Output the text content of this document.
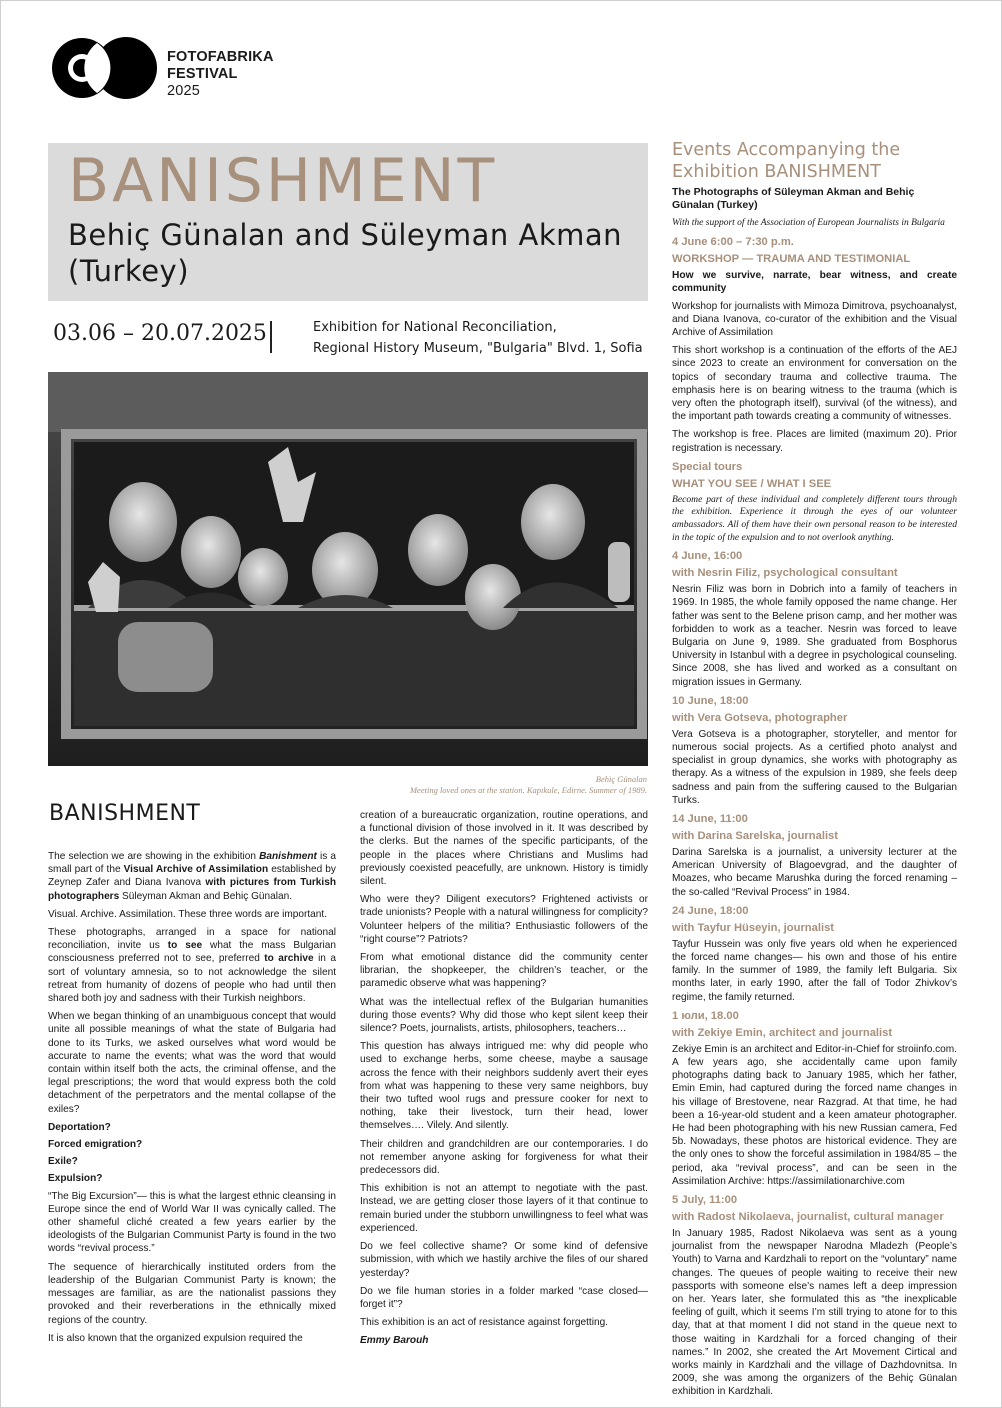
FOTOFABRIKA
FESTIVAL
2025
BANISHMENT
Behiç Günalan and Süleyman Akman (Turkey)
03.06 – 20.07.2025	Exhibition for National Reconciliation,
Regional History Museum, "Bulgaria" Blvd. 1, Sofia
Behiç Günalan
Meeting loved ones at the station. Kapıkule, Edirne. Summer of 1989.
BANISHMENT

The selection we are showing in the exhibition Banishment is a small part of the Visual Archive of Assimilation established by Zeynep Zafer and Diana Ivanova with pictures from Turkish photographers Süleyman Akman and Behiç Günalan.

Visual. Archive. Assimilation. These three words are important.

These photographs, arranged in a space for national reconciliation, invite us to see what the mass Bulgarian consciousness preferred not to see, preferred to archive in a sort of voluntary amnesia, so to not acknowledge the silent retreat from humanity of dozens of people who had until then shared both joy and sadness with their Turkish neighbors.

When we began thinking of an unambiguous concept that would unite all possible meanings of what the state of Bulgaria had done to its Turks, we asked ourselves what word would be accurate to name the events; what was the word that would contain within itself both the acts, the criminal offense, and the legal prescriptions; the word that would express both the cold detachment of the perpetrators and the mental collapse of the exiles?

Deportation?

Forced emigration?

Exile?

Expulsion?

“The Big Excursion”— this is what the largest ethnic cleansing in Europe since the end of World War II was cynically called. The other shameful cliché created a few years earlier by the ideologists of the Bulgarian Communist Party is found in the two words “revival process.”

The sequence of hierarchically instituted orders from the leadership of the Bulgarian Communist Party is known; the messages are familiar, as are the nationalist passions they provoked and their reverberations in the ethnically mixed regions of the country.

It is also known that the organized expulsion required the

creation of a bureaucratic organization, routine operations, and a functional division of those involved in it. It was described by the clerks. But the names of the specific participants, of the people in the places where Christians and Muslims had previously coexisted peacefully, are unknown. History is timidly silent.

Who were they? Diligent executors? Frightened activists or trade unionists? People with a natural willingness for complicity? Volunteer helpers of the militia? Enthusiastic followers of the “right course”? Patriots?

From what emotional distance did the community center librarian, the shopkeeper, the children’s teacher, or the paramedic observe what was happening?

What was the intellectual reflex of the Bulgarian humanities during those events? Why did those who kept silent keep their silence? Poets, journalists, artists, philosophers, teachers…

This question has always intrigued me: why did people who used to exchange herbs, some cheese, maybe a sausage across the fence with their neighbors suddenly avert their eyes from what was happening to these very same neighbors, buy their two tufted wool rugs and pressure cooker for next to nothing, take their livestock, turn their head, lower themselves…. Vilely. And silently.

Their children and grandchildren are our contemporaries. I do not remember anyone asking for forgiveness for what their predecessors did.

This exhibition is not an attempt to negotiate with the past. Instead, we are getting closer those layers of it that continue to remain buried under the stubborn unwillingness to feel what was experienced.

Do we feel collective shame? Or some kind of defensive submission, with which we hastily archive the files of our shared yesterday?

Do we file human stories in a folder marked “case closed—forget it”?

This exhibition is an act of resistance against forgetting.

Emmy Barouh

Events Accompanying the Exhibition BANISHMENT

The Photographs of Süleyman Akman and Behiç Günalan (Turkey)

With the support of the Association of European Journalists in Bulgaria

4 June 6:00 – 7:30 p.m.
WORKSHOP — TRAUMA AND TESTIMONIAL

How we survive, narrate, bear witness, and create community

Workshop for journalists with Mimoza Dimitrova, psychoanalyst, and Diana Ivanova, co-curator of the exhibition and the Visual Archive of Assimilation

This short workshop is a continuation of the efforts of the AEJ since 2023 to create an environment for conversation on the topics of secondary trauma and collective trauma. The emphasis here is on bearing witness to the trauma (which is very often the photograph itself), survival (of the witness), and the important path towards creating a community of witnesses.

The workshop is free. Places are limited (maximum 20). Prior registration is necessary.

Special tours
WHAT YOU SEE / WHAT I SEE

Become part of these individual and completely different tours through the exhibition. Experience it through the eyes of our volunteer ambassadors. All of them have their own personal reason to be interested in the topic of the expulsion and to not overlook anything.

4 June, 16:00
with Nesrin Filiz, psychological consultant

Nesrin Filiz was born in Dobrich into a family of teachers in 1969. In 1985, the whole family opposed the name change. Her father was sent to the Belene prison camp, and her mother was forbidden to work as a teacher. Nesrin was forced to leave Bulgaria on June 9, 1989. She graduated from Bosphorus University in Istanbul with a degree in psychological counseling. Since 2008, she has lived and worked as a consultant on migration issues in Germany.

10 June, 18:00
with Vera Gotseva, photographer

Vera Gotseva is a photographer, storyteller, and mentor for numerous social projects. As a certified photo analyst and specialist in group dynamics, she works with photography as therapy. As a witness of the expulsion in 1989, she feels deep sadness and pain from the suffering caused to the Bulgarian Turks.

14 June, 11:00
with Darina Sarelska, journalist

Darina Sarelska is a journalist, a university lecturer at the American University of Blagoevgrad, and the daughter of Moazes, who became Marushka during the forced renaming – the so-called “Revival Process” in 1984.

24 June, 18:00
with Tayfur Hüseyin, journalist

Tayfur Hussein was only five years old when he experienced the forced name changes— his own and those of his entire family. In the summer of 1989, the family left Bulgaria. Six months later, in early 1990, after the fall of Todor Zhivkov’s regime, the family returned.

1 юли, 18.00
with Zekiye Emin, architect and journalist

Zekiye Emin is an architect and Editor-in-Chief for stroiinfo.com. A few years ago, she accidentally came upon family photographs dating back to January 1985, which her father, Emin Emin, had captured during the forced name changes in his village of Brestovene, near Razgrad. At that time, he had been a 16-year-old student and a keen amateur photographer. He had been photographing with his new Russian camera, Fed 5b. Nowadays, these photos are historical evidence. They are the only ones to show the forceful assimilation in 1984/85 – the period, aka “revival process”, and can be seen in the Assimilation Archive: https://assimilationarchive.com

5 July, 11:00
with Radost Nikolaeva, journalist, cultural manager

In January 1985, Radost Nikolaeva was sent as a young journalist from the newspaper Narodna Mladezh (People’s Youth) to Varna and Kardzhali to report on the “voluntary” name changes. The queues of people waiting to receive their new passports with someone else’s names left a deep impression on her. Years later, she formulated this as “the inexplicable feeling of guilt, which it seems I’m still trying to atone for to this day, that at that moment I did not stand in the queue next to those waiting in Kardzhali for a forced changing of their names.” In 2002, she created the Art Movement Cirtical and works mainly in Kardzhali and the village of Dazhdovnitsa. In 2009, she was among the organizers of the Behiç Günalan exhibition in Kardzhali.
